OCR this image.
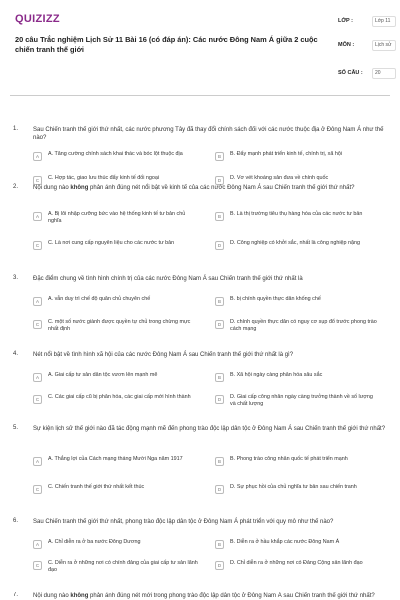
QUIZIZZ
20 câu Trắc nghiệm Lịch Sử 11 Bài 16 (có đáp án): Các nước Đông Nam Á giữa 2 cuộc chiến tranh thế giới
LỚP :	Lớp 11
MÔN :	Lịch sử
SỐ CÂU :	20
1. Sau Chiến tranh thế giới thứ nhất, các nước phương Tây đã thay đổi chính sách đối với các nước thuộc địa ở Đông Nam Á như thế nào?
A	A. Tăng cường chính sách khai thác và bóc lột thuộc địa	B	B. Đẩy mạnh phát triển kinh tế, chính trị, xã hội
C	C. Hợp tác, giao lưu thúc đẩy kinh tế đối ngoại	D	D. Vơ vét khoáng sản đưa về chính quốc
2. Nội dung nào không phản ánh đúng nét nổi bật về kinh tế của các nước Đông Nam Á sau Chiến tranh thế giới thứ nhất?
A	A. Bị lôi nhập cưỡng bức vào hệ thống kinh tế tư bản chủ nghĩa
B	B. Là thị trường tiêu thụ hàng hóa của các nước tư bản
C	C. Là nơi cung cấp nguyên liệu cho các nước tư bản	D	D. Công nghiệp có khởi sắc, nhất là công nghiệp nặng
3. Đặc điểm chung về tình hình chính trị của các nước Đông Nam Á sau Chiến tranh thế giới thứ nhất là
A	A. vẫn duy trì chế độ quân chủ chuyên chế	B	B. bị chính quyền thực dân khống chế
C	C. một số nước giành được quyền tự chủ trong chừng mực nhất định
D	D. chính quyền thực dân có nguy cơ sụp đổ trước phong trào cách mạng
4. Nét nổi bật về tình hình xã hội của các nước Đông Nam Á sau Chiến tranh thế giới thứ nhất là gì?
A	A. Giai cấp tư sản dân tộc vươn lên mạnh mẽ	B	B. Xã hội ngày càng phân hóa sâu sắc
C	C. Các giai cấp cũ bị phân hóa, các giai cấp mới hình thành	D	D. Giai cấp công nhân ngày càng trưởng thành về số lượng và chất lượng
5. Sự kiện lịch sử thế giới nào đã tác động mạnh mẽ đến phong trào độc lập dân tộc ở Đông Nam Á sau Chiến tranh thế giới thứ nhất?
A	A. Thắng lợi của Cách mạng tháng Mười Nga năm 1917	B	B. Phong trào công nhân quốc tế phát triển mạnh
C	C. Chiến tranh thế giới thứ nhất kết thúc	D	D. Sự phục hồi của chủ nghĩa tư bản sau chiến tranh
6. Sau Chiến tranh thế giới thứ nhất, phong trào độc lập dân tộc ở Đông Nam Á phát triển với quy mô như thế nào?
A	A. Chỉ diễn ra ở ba nước Đông Dương	B	B. Diễn ra ở hầu khắp các nước Đông Nam Á
C	C. Diễn ra ở những nơi có chính đảng của giai cấp tư sản lãnh đạo
D	D. Chỉ diễn ra ở những nơi có Đảng Cộng sản lãnh đạo
7. Nội dung nào không phản ánh đúng nét mới trong phong trào độc lập dân tộc ở Đông Nam Á sau Chiến tranh thế giới thứ nhất?
